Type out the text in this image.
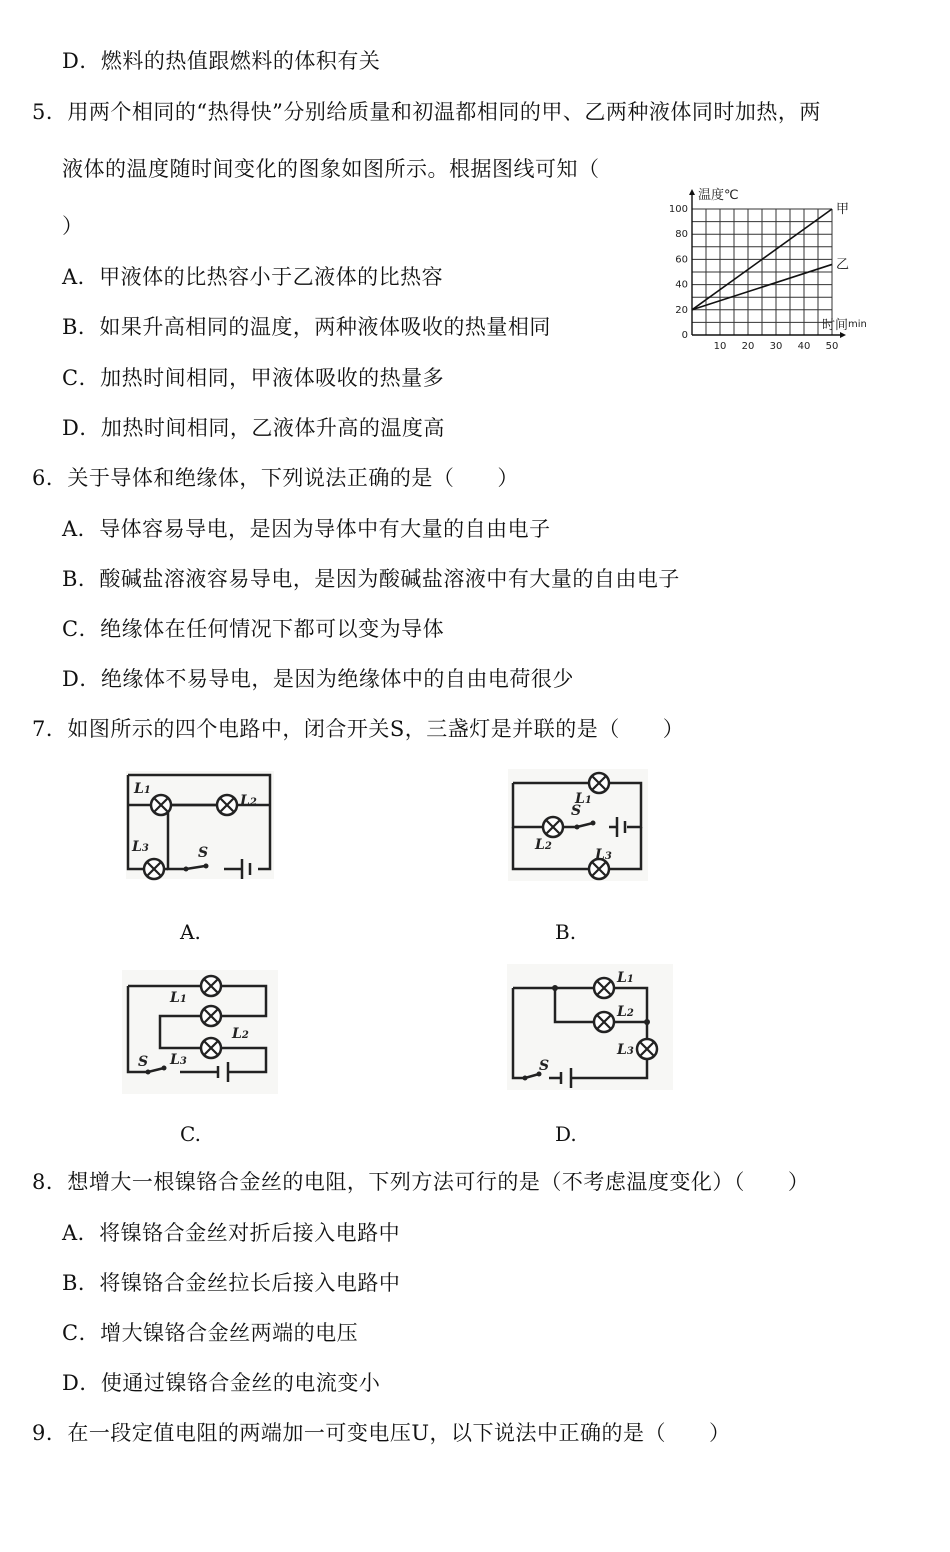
D．燃料的热值跟燃料的体积有关
5．用两个相同的“热得快”分别给质量和初温都相同的甲、乙两种液体同时加热，两
液体的温度随时间变化的图象如图所示。根据图线可知（
）
A．甲液体的比热容小于乙液体的比热容
B．如果升高相同的温度，两种液体吸收的热量相同
C．加热时间相同，甲液体吸收的热量多
D．加热时间相同，乙液体升高的温度高
6．关于导体和绝缘体，下列说法正确的是（　　）
A．导体容易导电，是因为导体中有大量的自由电子
B．酸碱盐溶液容易导电，是因为酸碱盐溶液中有大量的自由电子
C．绝缘体在任何情况下都可以变为导体
D．绝缘体不易导电，是因为绝缘体中的自由电荷很少
7．如图所示的四个电路中，闭合开关S，三盏灯是并联的是（　　）
8．想增大一根镍铬合金丝的电阻，下列方法可行的是（不考虑温度变化）（　　）
A．将镍铬合金丝对折后接入电路中
B．将镍铬合金丝拉长后接入电路中
C．增大镍铬合金丝两端的电压
D．使通过镍铬合金丝的电流变小
9．在一段定值电阻的两端加一可变电压U，以下说法中正确的是（　　）
10 20 30 40 50
0
20
40
60
80
100	甲
乙
温度℃
时间 min
L1
L2
L3	S
L1
L2
L3
S
A.	B.
L1
L2
L3
S
L1
L2
L3
S
C.	D.
